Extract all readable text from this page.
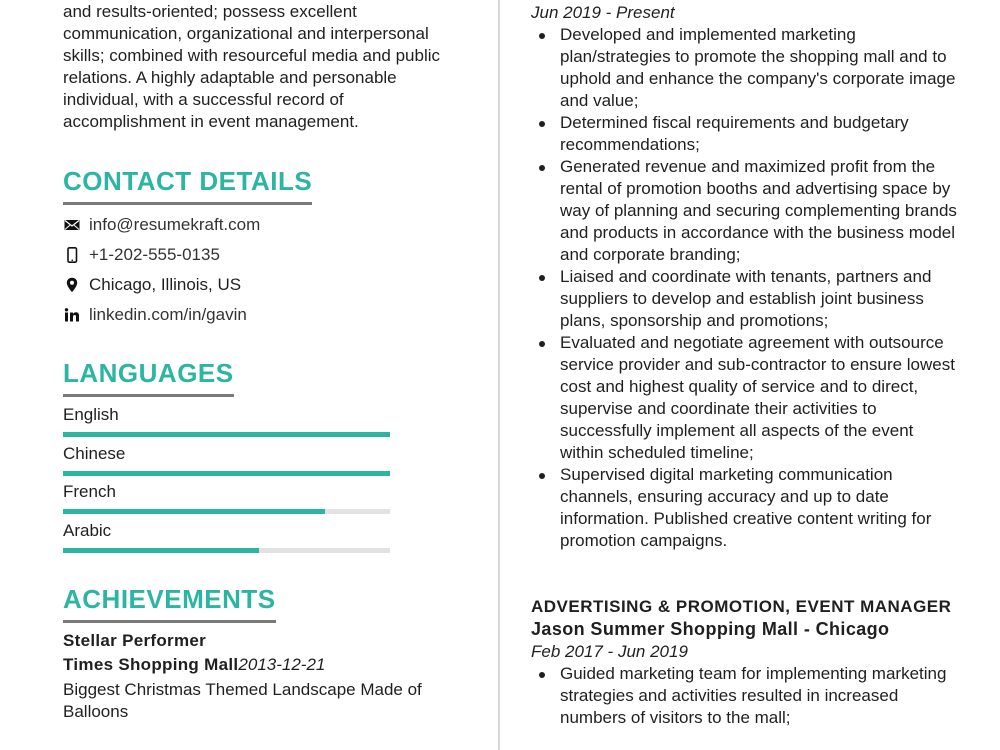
and results-oriented; possess excellent communication, organizational and interpersonal skills; combined with resourceful media and public relations. A highly adaptable and personable individual, with a successful record of accomplishment in event management.

CONTACT DETAILS
info@resumekraft.com
+1-202-555-0135
Chicago, Illinois, US
linkedin.com/in/gavin
LANGUAGES
English
Chinese
French
Arabic
ACHIEVEMENTS
Stellar Performer
Times Shopping Mall2013-12-21
Biggest Christmas Themed Landscape Made of Balloons
Jun 2019 - Present
Developed and implemented marketing plan/strategies to promote the shopping mall and to uphold and enhance the company's corporate image and value;
Determined fiscal requirements and budgetary recommendations;
Generated revenue and maximized profit from the rental of promotion booths and advertising space by way of planning and securing complementing brands and products in accordance with the business model and corporate branding;
Liaised and coordinate with tenants, partners and suppliers to develop and establish joint business plans, sponsorship and promotions;
Evaluated and negotiate agreement with outsource service provider and sub-contractor to ensure lowest cost and highest quality of service and to direct, supervise and coordinate their activities to successfully implement all aspects of the event within scheduled timeline;
Supervised digital marketing communication channels, ensuring accuracy and up to date information. Published creative content writing for promotion campaigns.
ADVERTISING & PROMOTION, EVENT MANAGER
Jason Summer Shopping Mall - Chicago
Feb 2017 - Jun 2019
Guided marketing team for implementing marketing strategies and activities resulted in increased numbers of visitors to the mall;
